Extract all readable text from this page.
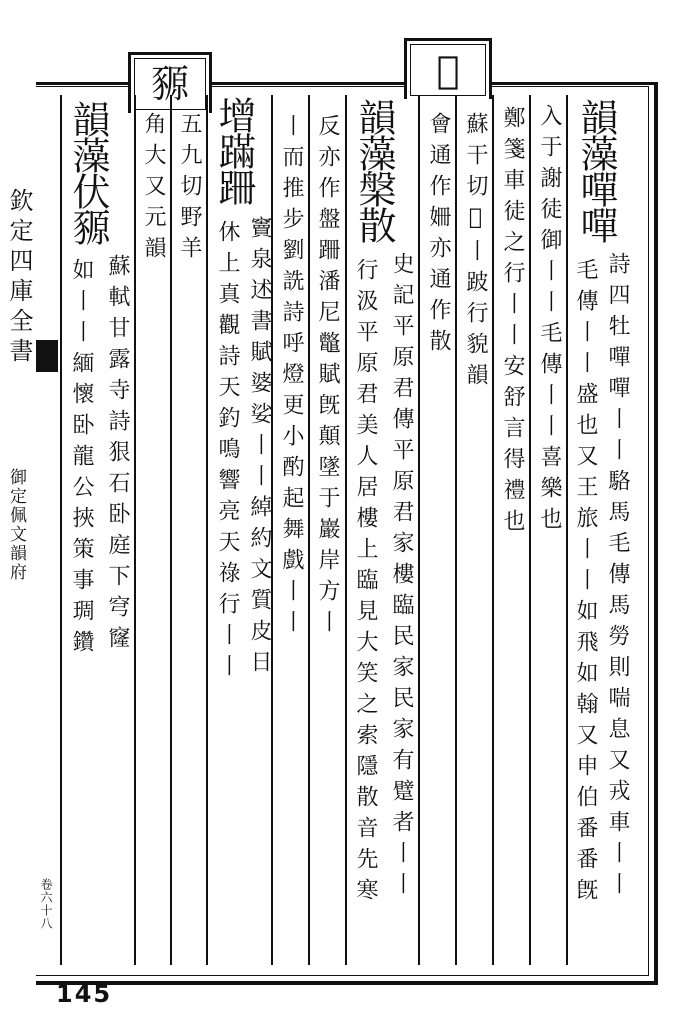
欽定四庫全書
御定佩文韻府
卷六十八
𨇵
豲
韻藻嘽嘽
詩四牡嘽嘽丨丨駱馬毛傳馬勞則喘息又戎車丨丨
毛傳丨丨盛也又王旅丨丨如飛如翰又申伯番番旣
入于謝徒御丨丨毛傳丨丨喜樂也
鄭箋車徒之行丨丨安舒言得禮也
蘇干切𨇵丨跛行貌韻
會通作姍亦通作散
韻藻槃散
史記平原君傳平原君家樓臨民家民家有躄者丨丨
行汲平原君美人居樓上臨見大笑之索隱散音先寒
反亦作盤跚潘尼鼈賦旣顛墜于巖岸方丨
丨而推步劉詵詩呼燈更小酌起舞戲丨丨
增蹣跚
竇泉述書賦婆娑丨丨綽約文質皮日
休上真觀詩天釣鳴響亮天祿行丨丨
五九切野羊
角大又元韻
韻藻伏豲
蘇軾甘露寺詩狠石卧庭下穹窿
如丨丨緬懷卧龍公挾策事琱鑽
145
